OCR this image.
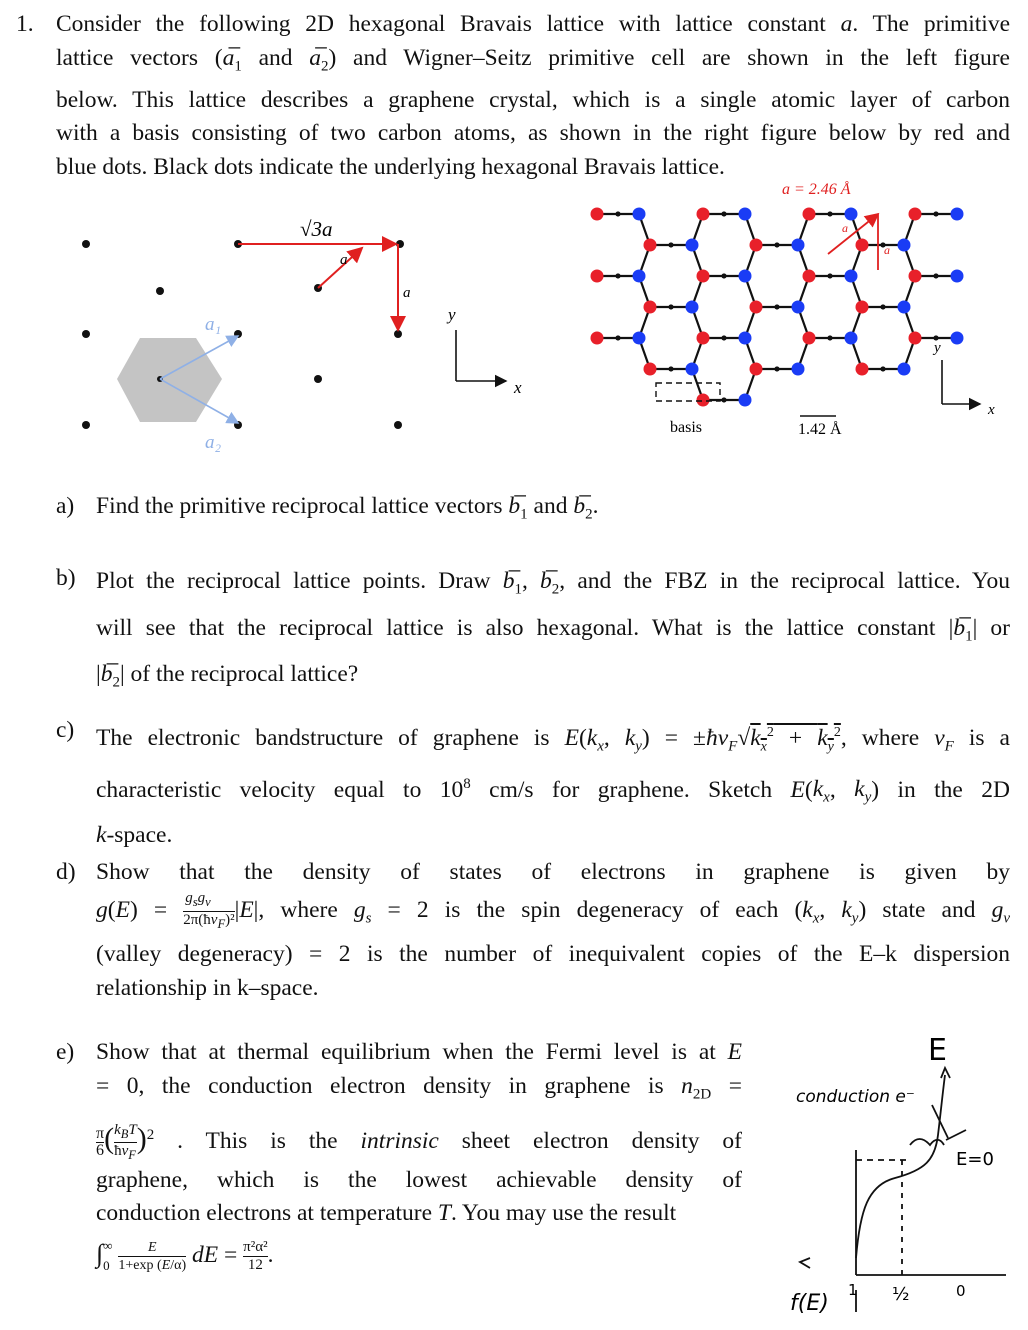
1. Consider the following 2D hexagonal Bravais lattice with lattice constant a. The primitive
lattice vectors ($a_1$ and $a_2$) and Wigner–Seitz primitive cell are shown in the left figure
below. This lattice describes a graphene crystal, which is a single atomic layer of carbon
with a basis consisting of two carbon atoms, as shown in the right figure below by red and
blue dots. Black dots indicate the underlying hexagonal Bravais lattice.
a₁
a₂
√3a
a
a
y
x
a = 2.46 Å
a
a
basis	1.42 Å
y
x
a) Find the primitive reciprocal lattice vectors $b_1$ and $b_2$.
b) Plot the reciprocal lattice points. Draw $b_1$, $b_2$, and the FBZ in the reciprocal lattice. You
will see that the reciprocal lattice is also hexagonal. What is the lattice constant $|b_1|$ or
$|b_2|$ of the reciprocal lattice?
c) The electronic bandstructure of graphene is $E(k_x$, $k_y$) = $\pm ħv_F√k_x^2 + k_y^2$, where $v_F$ is a
characteristic velocity equal to $10^8$ cm/s for graphene. Sketch $E(k_x$, $k_y$) in the 2D
k-space.
d) Show that the density of states of electrons in graphene is given by
$g(E) = g_sg_v$
$2\pi(ħv_F)^2$ |E|, where $g_s = 2$ is the spin degeneracy of each ($k_x$, $k_y$) state and $g_v$
(valley degeneracy) = 2 is the number of inequivalent copies of the E–k dispersion
relationship in k–space.
e) Show that at thermal equilibrium when the Fermi level is at E
= 0, the conduction electron density in graphene is $n_{2D}$ =
$\frac{\pi}{6}$ ( $k_BT$
$ħv_F$
)$^2$ . This is the intrinsic sheet electron density of
graphene, which is the lowest achievable density of
conduction electrons at temperature T. You may use the result
∫ ∞
$0 \frac{E}{1+\exp (E/\alpha)}$ dE = $\frac{\text{π²α²}}{12}$ .
E
conduction e⁻
E=0
f(E)
1 ½	0
